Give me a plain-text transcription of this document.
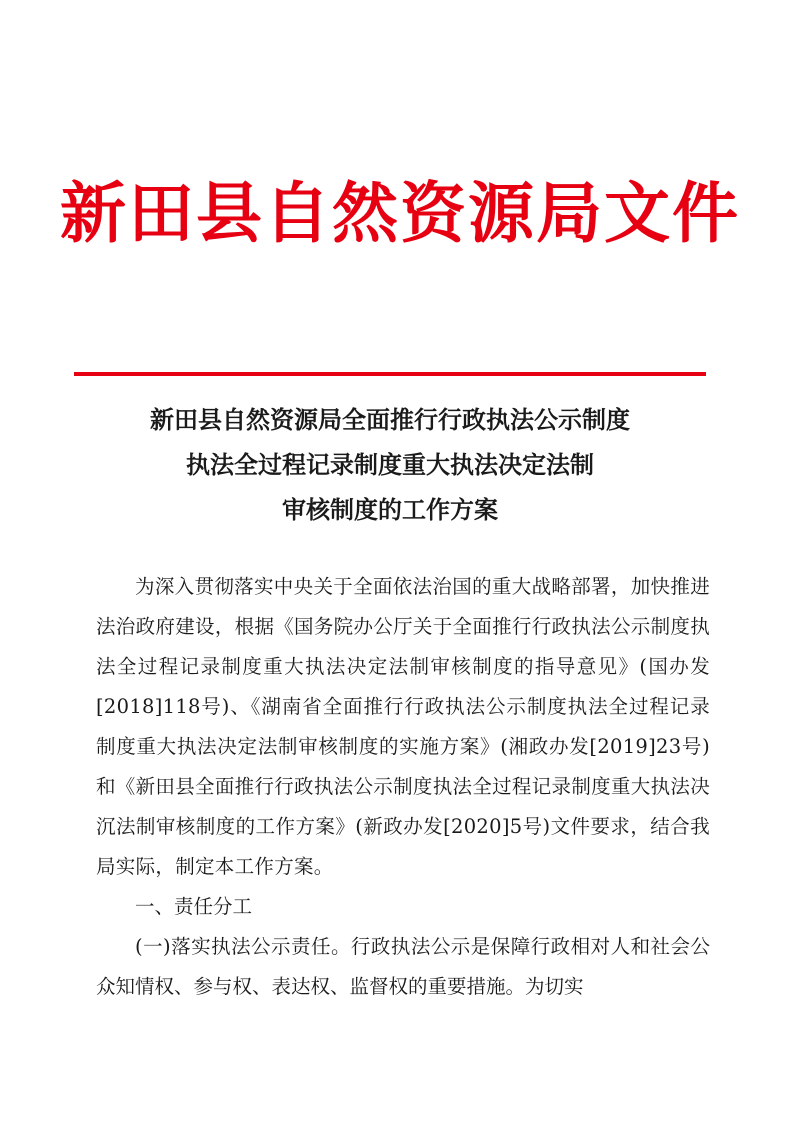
新田县自然资源局文件
新田县自然资源局全面推行行政执法公示制度
执法全过程记录制度重大执法决定法制
审核制度的工作方案

为深入贯彻落实中央关于全面依法治国的重大战略部署，加快推进法治政府建设，根据《国务院办公厅关于全面推行行政执法公示制度执法全过程记录制度重大执法决定法制审核制度的指导意见》(国办发[2018]118号)、《湖南省全面推行行政执法公示制度执法全过程记录制度重大执法决定法制审核制度的实施方案》(湘政办发[2019]23号)和《新田县全面推行行政执法公示制度执法全过程记录制度重大执法决沉法制审核制度的工作方案》(新政办发[2020]5号)文件要求，结合我局实际，制定本工作方案。

一、责任分工

(一)落实执法公示责任。行政执法公示是保障行政相对人和社会公众知情权、参与权、表达权、监督权的重要措施。为切实
